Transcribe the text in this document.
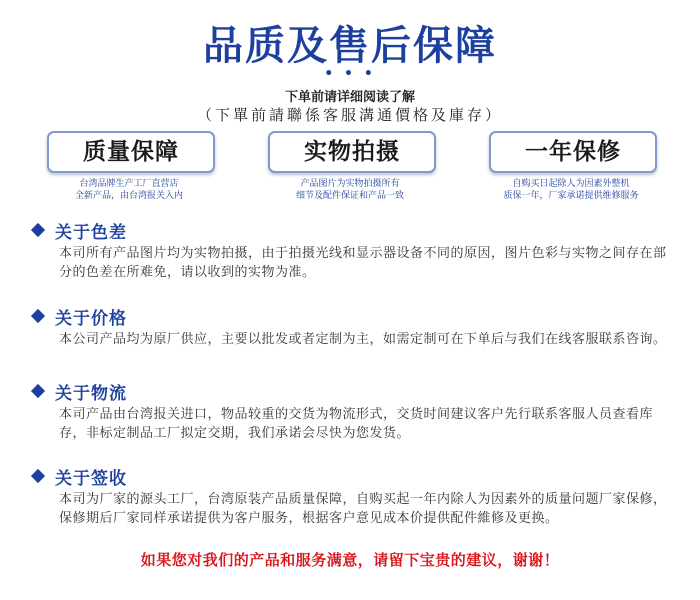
品质及售后保障
• • •
下单前请详细阅读了解
（下單前請聯係客服溝通價格及庫存）
质量保障	实物拍摄	一年保修
台湾品牌生产工厂直营店
全新产品，由台湾报关入内
产品图片为实物拍摄所有
细节及配件保证和产品一致
自购买日起除人为因素外整机
质保一年，厂家承诺提供维修服务
关于色差
本司所有产品图片均为实物拍摄，由于拍摄光线和显示器设备不同的原因，图片色彩与实物之间存在部分的色差在所难免，请以收到的实物为准。
关于价格
本公司产品均为原厂供应，主要以批发或者定制为主，如需定制可在下单后与我们在线客服联系咨询。
关于物流
本司产品由台湾报关进口，物品较重的交货为物流形式，交货时间建议客户先行联系客服人员查看库存，非标定制品工厂拟定交期，我们承诺会尽快为您发货。
关于签收
本司为厂家的源头工厂，台湾原装产品质量保障，自购买起一年内除人为因素外的质量问题厂家保修，保修期后厂家同样承诺提供为客户服务，根据客户意见成本价提供配件維修及更换。
如果您对我们的产品和服务满意，请留下宝贵的建议，谢谢！
